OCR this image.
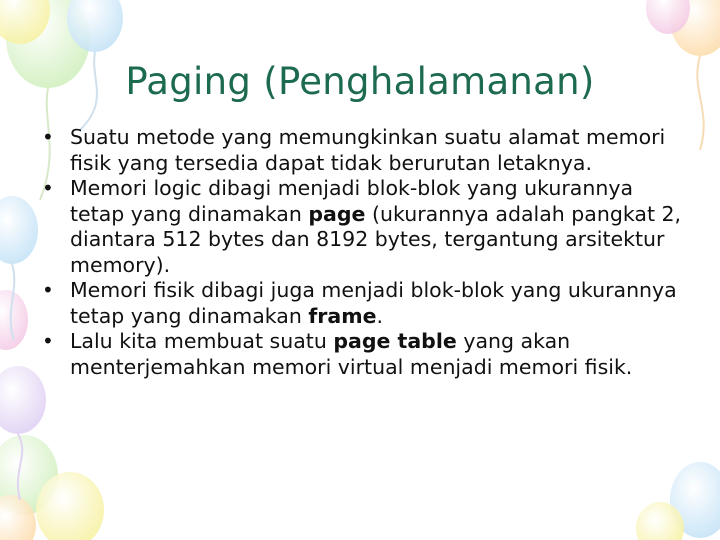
Paging (Penghalamanan)
• Suatu metode yang memungkinkan suatu alamat memori fisik yang tersedia dapat tidak berurutan letaknya.
• Memori logic dibagi menjadi blok-blok yang ukurannya tetap yang dinamakan page (ukurannya adalah pangkat 2, diantara 512 bytes dan 8192 bytes, tergantung arsitektur memory).
• Memori fisik dibagi juga menjadi blok-blok yang ukurannya tetap yang dinamakan frame.
• Lalu kita membuat suatu page table yang akan menterjemahkan memori virtual menjadi memori fisik.
